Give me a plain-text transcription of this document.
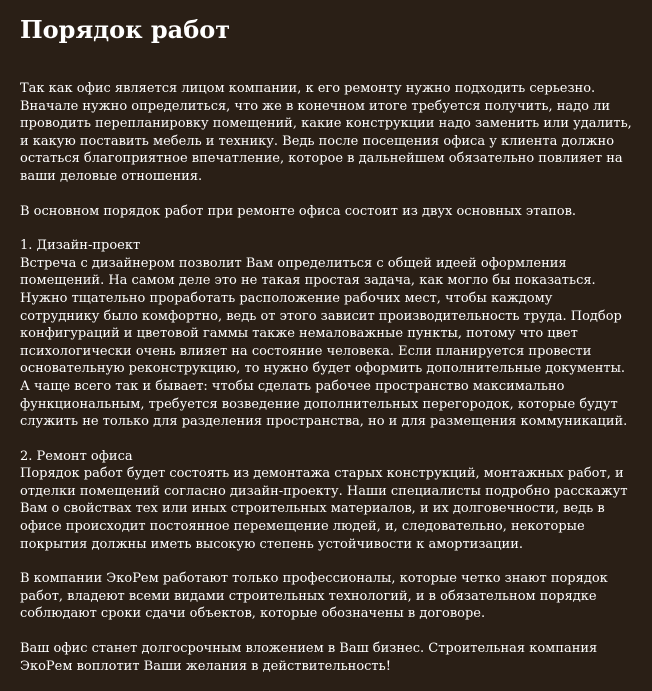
Порядок работ

Так как офис является лицом компании, к его ремонту нужно подходить серьезно. Вначале нужно определиться, что же в конечном итоге требуется получить, надо ли проводить перепланировку помещений, какие конструкции надо заменить или удалить, и какую поставить мебель и технику. Ведь после посещения офиса у клиента должно остаться благоприятное впечатление, которое в дальнейшем обязательно повлияет на ваши деловые отношения.

В основном порядок работ при ремонте офиса состоит из двух основных этапов.

1. Дизайн-проект
Встреча с дизайнером позволит Вам определиться с общей идеей оформления помещений. На самом деле это не такая простая задача, как могло бы показаться. Нужно тщательно проработать расположение рабочих мест, чтобы каждому сотруднику было комфортно, ведь от этого зависит производительность труда. Подбор конфигураций и цветовой гаммы также немаловажные пункты, потому что цвет психологически очень влияет на состояние человека. Если планируется провести основательную реконструкцию, то нужно будет оформить дополнительные документы. А чаще всего так и бывает: чтобы сделать рабочее пространство максимально функциональным, требуется возведение дополнительных перегородок, которые будут служить не только для разделения пространства, но и для размещения коммуникаций.

2. Ремонт офиса
Порядок работ будет состоять из демонтажа старых конструкций, монтажных работ, и отделки помещений согласно дизайн-проекту. Наши специалисты подробно расскажут Вам о свойствах тех или иных строительных материалов, и их долговечности, ведь в офисе происходит постоянное перемещение людей, и, следовательно, некоторые покрытия должны иметь высокую степень устойчивости к амортизации.

В компании ЭкоРем работают только профессионалы, которые четко знают порядок работ, владеют всеми видами строительных технологий, и в обязательном порядке соблюдают сроки сдачи объектов, которые обозначены в договоре.

Ваш офис станет долгосрочным вложением в Ваш бизнес. Строительная компания ЭкоРем воплотит Ваши желания в действительность!
